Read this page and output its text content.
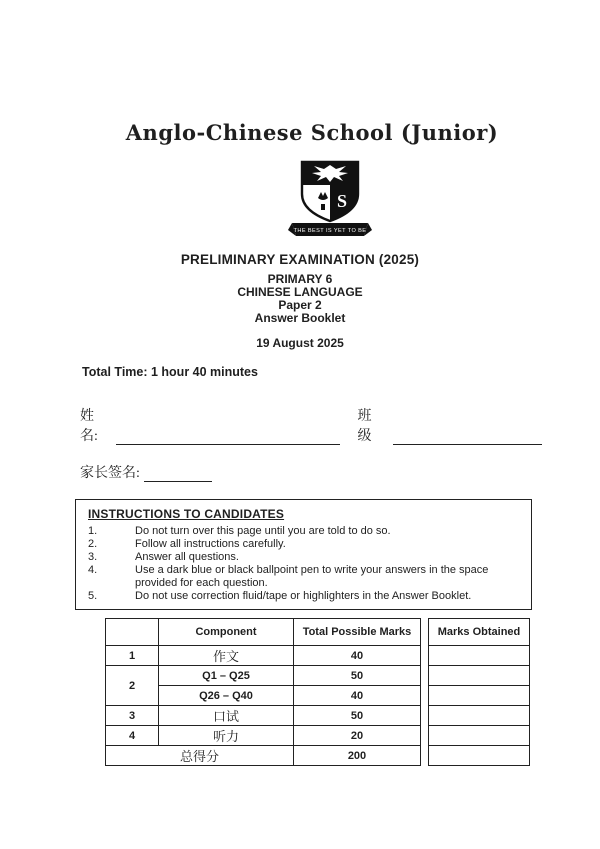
Anglo-Chinese School (Junior)
S
THE BEST IS YET TO BE
PRELIMINARY EXAMINATION (2025)
PRIMARY 6
CHINESE LANGUAGE
Paper 2
Answer Booklet
19 August 2025
Total Time: 1 hour 40 minutes
姓名:
班级
家长签名:
INSTRUCTIONS TO CANDIDATES
1.	Do not turn over this page until you are told to do so.
2.	Follow all instructions carefully.
3.	Answer all questions.
4.	Use a dark blue or black ballpoint pen to write your answers in the space provided for each question.
5.	Do not use correction fluid/tape or highlighters in the Answer Booklet.
	Component	Total Possible Marks
1	作文	40
2	Q1 – Q25	50
	Q26 – Q40	40
3	口试	50
4	听力	20
总得分		200
Marks Obtained
